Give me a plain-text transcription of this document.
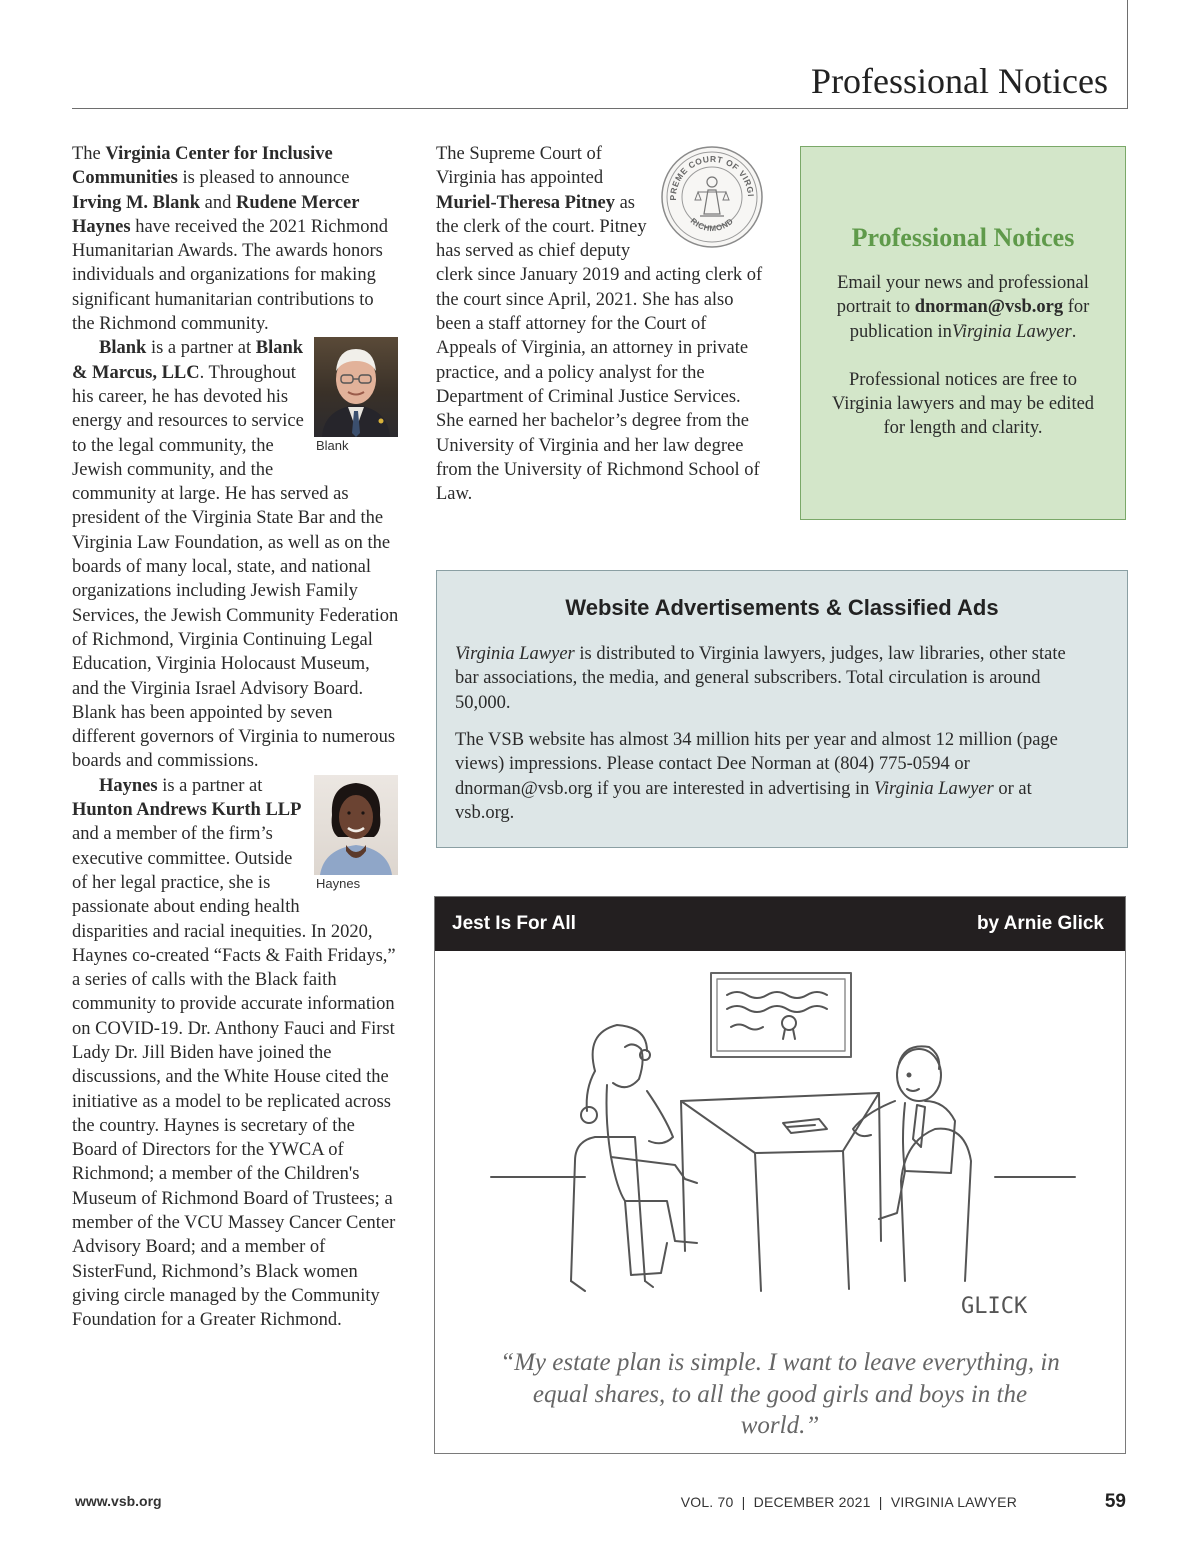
Professional Notices

The Virginia Center for Inclusive Communities is pleased to announce Irving M. Blank and Rudene Mercer Haynes have received the 2021 Richmond Humanitarian Awards. The awards honors individuals and organizations for making significant humanitarian contributions to the Richmond community.

Blank

Blank is a partner at Blank & Marcus, LLC. Throughout his career, he has devoted his energy and resources to service to the legal community, the Jewish community, and the community at large. He has served as president of the Virginia State Bar and the Virginia Law Foundation, as well as on the boards of many local, state, and national organizations including Jewish Family Services, the Jewish Community Federation of Richmond, Virginia Continuing Legal Education, Virginia Holocaust Museum, and the Virginia Israel Advisory Board. Blank has been appointed by seven different governors of Virginia to numerous boards and commissions.

Haynes

Haynes is a partner at Hunton Andrews Kurth LLP and a member of the firm’s executive committee. Outside of her legal practice, she is passionate about ending health disparities and racial inequities. In 2020, Haynes co-created “Facts & Faith Fridays,” a series of calls with the Black faith community to provide accurate information on COVID-19. Dr. Anthony Fauci and First Lady Dr. Jill Biden have joined the discussions, and the White House cited the initiative as a model to be replicated across the country. Haynes is secretary of the Board of Directors for the YWCA of Richmond; a member of the Children's Museum of Richmond Board of Trustees; a member of the VCU Massey Cancer Center Advisory Board; and a member of SisterFund, Richmond’s Black women giving circle managed by the Community Foundation for a Greater Richmond.

PREME COURT OF VIRGI
RICHMOND

The Supreme Court of Virginia has appointed Muriel-Theresa Pitney as the clerk of the court. Pitney has served as chief deputy clerk since January 2019 and acting clerk of the court since April, 2021. She has also been a staff attorney for the Court of Appeals of Virginia, an attorney in private practice, and a policy analyst for the Department of Criminal Justice Services. She earned her bachelor’s degree from the University of Virginia and her law degree from the University of Richmond School of Law.

Professional Notices

Email your news and professional portrait to dnorman@vsb.org for publication inVirginia Lawyer.

Professional notices are free to Virginia lawyers and may be edited for length and clarity.

Website Advertisements & Classified Ads

Virginia Lawyer is distributed to Virginia lawyers, judges, law libraries, other state bar associations, the media, and general subscribers. Total circulation is around 50,000.

The VSB website has almost 34 million hits per year and almost 12 million (page views) impressions. Please contact Dee Norman at (804) 775-0594 or dnorman@vsb.org if you are interested in advertising in Virginia Lawyer or at vsb.org.

Jest Is For All	by Arnie Glick
GLICK
“My estate plan is simple. I want to leave everything, in equal shares, to all the good girls and boys in the world.”
www.vsb.org	VOL. 70  |  DECEMBER 2021  |  VIRGINIA LAWYER	59
